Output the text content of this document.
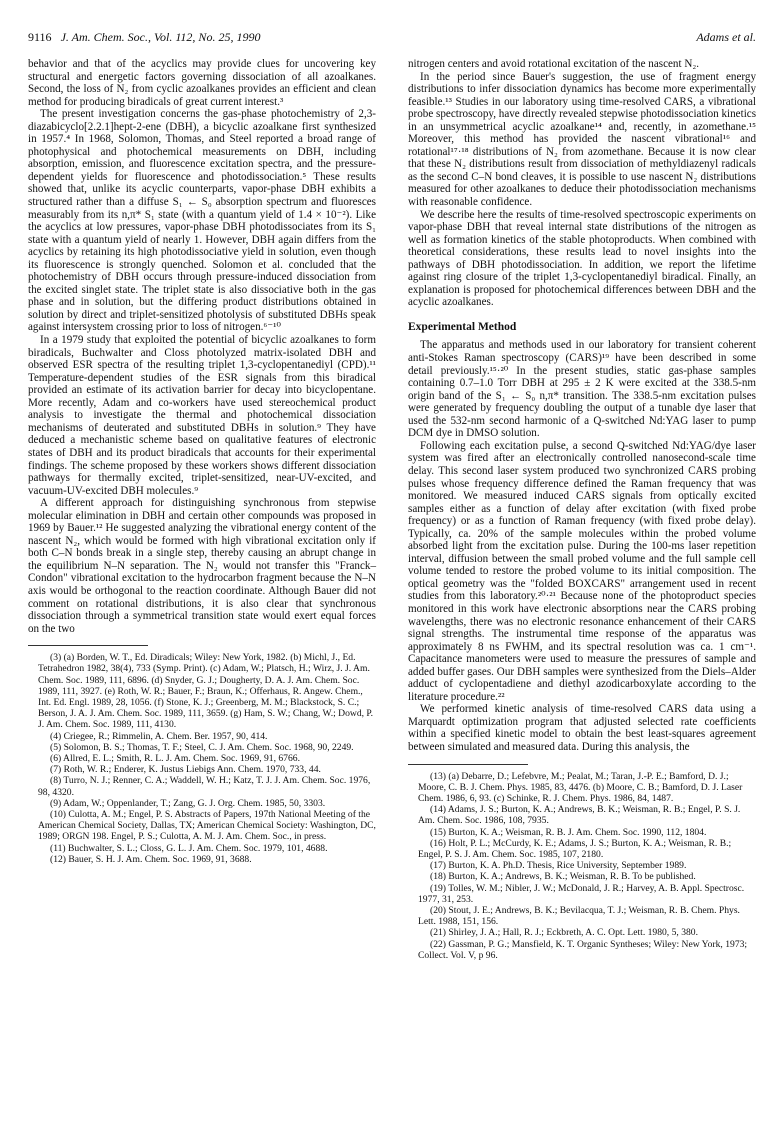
9116 J. Am. Chem. Soc., Vol. 112, No. 25, 1990	Adams et al.

behavior and that of the acyclics may provide clues for uncovering key structural and energetic factors governing dissociation of all azoalkanes. Second, the loss of N₂ from cyclic azoalkanes provides an efficient and clean method for producing biradicals of great current interest.³

The present investigation concerns the gas-phase photochemistry of 2,3-diazabicyclo[2.2.1]hept-2-ene (DBH), a bicyclic azoalkane first synthesized in 1957.⁴ In 1968, Solomon, Thomas, and Steel reported a broad range of photophysical and photochemical measurements on DBH, including absorption, emission, and fluorescence excitation spectra, and the pressure-dependent yields for fluorescence and photodissociation.⁵ These results showed that, unlike its acyclic counterparts, vapor-phase DBH exhibits a structured rather than a diffuse S₁ ← S₀ absorption spectrum and fluoresces measurably from its n,π* S₁ state (with a quantum yield of 1.4 × 10⁻²). Like the acyclics at low pressures, vapor-phase DBH photodissociates from its S₁ state with a quantum yield of nearly 1. However, DBH again differs from the acyclics by retaining its high photodissociative yield in solution, even though its fluorescence is strongly quenched. Solomon et al. concluded that the photochemistry of DBH occurs through pressure-induced dissociation from the excited singlet state. The triplet state is also dissociative both in the gas phase and in solution, but the differing product distributions obtained in solution by direct and triplet-sensitized photolysis of substituted DBHs speak against intersystem crossing prior to loss of nitrogen.⁶⁻¹⁰

In a 1979 study that exploited the potential of bicyclic azoalkanes to form biradicals, Buchwalter and Closs photolyzed matrix-isolated DBH and observed ESR spectra of the resulting triplet 1,3-cyclopentanediyl (CPD).¹¹ Temperature-dependent studies of the ESR signals from this biradical provided an estimate of its activation barrier for decay into bicyclopentane. More recently, Adam and co-workers have used stereochemical product analysis to investigate the thermal and photochemical dissociation mechanisms of deuterated and substituted DBHs in solution.⁹ They have deduced a mechanistic scheme based on qualitative features of electronic states of DBH and its product biradicals that accounts for their experimental findings. The scheme proposed by these workers shows different dissociation pathways for thermally excited, triplet-sensitized, near-UV-excited, and vacuum-UV-excited DBH molecules.⁹

A different approach for distinguishing synchronous from stepwise molecular elimination in DBH and certain other compounds was proposed in 1969 by Bauer.¹² He suggested analyzing the vibrational energy content of the nascent N₂, which would be formed with high vibrational excitation only if both C–N bonds break in a single step, thereby causing an abrupt change in the equilibrium N–N separation. The N₂ would not transfer this "Franck–Condon" vibrational excitation to the hydrocarbon fragment because the N–N axis would be orthogonal to the reaction coordinate. Although Bauer did not comment on rotational distributions, it is also clear that synchronous dissociation through a symmetrical transition state would exert equal forces on the two

(3) (a) Borden, W. T., Ed. Diradicals; Wiley: New York, 1982. (b) Michl, J., Ed. Tetrahedron 1982, 38(4), 733 (Symp. Print). (c) Adam, W.; Platsch, H.; Wirz, J. J. Am. Chem. Soc. 1989, 111, 6896. (d) Snyder, G. J.; Dougherty, D. A. J. Am. Chem. Soc. 1989, 111, 3927. (e) Roth, W. R.; Bauer, F.; Braun, K.; Offerhaus, R. Angew. Chem., Int. Ed. Engl. 1989, 28, 1056. (f) Stone, K. J.; Greenberg, M. M.; Blackstock, S. C.; Berson, J. A. J. Am. Chem. Soc. 1989, 111, 3659. (g) Ham, S. W.; Chang, W.; Dowd, P. J. Am. Chem. Soc. 1989, 111, 4130.

(4) Criegee, R.; Rimmelin, A. Chem. Ber. 1957, 90, 414.

(5) Solomon, B. S.; Thomas, T. F.; Steel, C. J. Am. Chem. Soc. 1968, 90, 2249.

(6) Allred, E. L.; Smith, R. L. J. Am. Chem. Soc. 1969, 91, 6766.

(7) Roth, W. R.; Enderer, K. Justus Liebigs Ann. Chem. 1970, 733, 44.

(8) Turro, N. J.; Renner, C. A.; Waddell, W. H.; Katz, T. J. J. Am. Chem. Soc. 1976, 98, 4320.

(9) Adam, W.; Oppenlander, T.; Zang, G. J. Org. Chem. 1985, 50, 3303.

(10) Culotta, A. M.; Engel, P. S. Abstracts of Papers, 197th National Meeting of the American Chemical Society, Dallas, TX; American Chemical Society: Washington, DC, 1989; ORGN 198. Engel, P. S.; Culotta, A. M. J. Am. Chem. Soc., in press.

(11) Buchwalter, S. L.; Closs, G. L. J. Am. Chem. Soc. 1979, 101, 4688.

(12) Bauer, S. H. J. Am. Chem. Soc. 1969, 91, 3688.

nitrogen centers and avoid rotational excitation of the nascent N₂.

In the period since Bauer's suggestion, the use of fragment energy distributions to infer dissociation dynamics has become more experimentally feasible.¹³ Studies in our laboratory using time-resolved CARS, a vibrational probe spectroscopy, have directly revealed stepwise photodissociation kinetics in an unsymmetrical acyclic azoalkane¹⁴ and, recently, in azomethane.¹⁵ Moreover, this method has provided the nascent vibrational¹⁶ and rotational¹⁷·¹⁸ distributions of N₂ from azomethane. Because it is now clear that these N₂ distributions result from dissociation of methyldiazenyl radicals as the second C–N bond cleaves, it is possible to use nascent N₂ distributions measured for other azoalkanes to deduce their photodissociation mechanisms with reasonable confidence.

We describe here the results of time-resolved spectroscopic experiments on vapor-phase DBH that reveal internal state distributions of the nitrogen as well as formation kinetics of the stable photoproducts. When combined with theoretical considerations, these results lead to novel insights into the pathways of DBH photodissociation. In addition, we report the lifetime against ring closure of the triplet 1,3-cyclopentanediyl biradical. Finally, an explanation is proposed for photochemical differences between DBH and the acyclic azoalkanes.

Experimental Method

The apparatus and methods used in our laboratory for transient coherent anti-Stokes Raman spectroscopy (CARS)¹⁹ have been described in some detail previously.¹⁵·²⁰ In the present studies, static gas-phase samples containing 0.7–1.0 Torr DBH at 295 ± 2 K were excited at the 338.5-nm origin band of the S₁ ← S₀ n,π* transition. The 338.5-nm excitation pulses were generated by frequency doubling the output of a tunable dye laser that used the 532-nm second harmonic of a Q-switched Nd:YAG laser to pump DCM dye in DMSO solution.

Following each excitation pulse, a second Q-switched Nd:YAG/dye laser system was fired after an electronically controlled nanosecond-scale time delay. This second laser system produced two synchronized CARS probing pulses whose frequency difference defined the Raman frequency that was monitored. We measured induced CARS signals from optically excited samples either as a function of delay after excitation (with fixed probe frequency) or as a function of Raman frequency (with fixed probe delay). Typically, ca. 20% of the sample molecules within the probed volume absorbed light from the excitation pulse. During the 100-ms laser repetition interval, diffusion between the small probed volume and the full sample cell volume tended to restore the probed volume to its initial composition. The optical geometry was the "folded BOXCARS" arrangement used in recent studies from this laboratory.²⁰·²¹ Because none of the photoproduct species monitored in this work have electronic absorptions near the CARS probing wavelengths, there was no electronic resonance enhancement of their CARS signal strengths. The instrumental time response of the apparatus was approximately 8 ns FWHM, and its spectral resolution was ca. 1 cm⁻¹. Capacitance manometers were used to measure the pressures of sample and added buffer gases. Our DBH samples were synthesized from the Diels–Alder adduct of cyclopentadiene and diethyl azodicarboxylate according to the literature procedure.²²

We performed kinetic analysis of time-resolved CARS data using a Marquardt optimization program that adjusted selected rate coefficients within a specified kinetic model to obtain the best least-squares agreement between simulated and measured data. During this analysis, the

(13) (a) Debarre, D.; Lefebvre, M.; Pealat, M.; Taran, J.-P. E.; Bamford, D. J.; Moore, C. B. J. Chem. Phys. 1985, 83, 4476. (b) Moore, C. B.; Bamford, D. J. Laser Chem. 1986, 6, 93. (c) Schinke, R. J. Chem. Phys. 1986, 84, 1487.

(14) Adams, J. S.; Burton, K. A.; Andrews, B. K.; Weisman, R. B.; Engel, P. S. J. Am. Chem. Soc. 1986, 108, 7935.

(15) Burton, K. A.; Weisman, R. B. J. Am. Chem. Soc. 1990, 112, 1804.

(16) Holt, P. L.; McCurdy, K. E.; Adams, J. S.; Burton, K. A.; Weisman, R. B.; Engel, P. S. J. Am. Chem. Soc. 1985, 107, 2180.

(17) Burton, K. A. Ph.D. Thesis, Rice University, September 1989.

(18) Burton, K. A.; Andrews, B. K.; Weisman, R. B. To be published.

(19) Tolles, W. M.; Nibler, J. W.; McDonald, J. R.; Harvey, A. B. Appl. Spectrosc. 1977, 31, 253.

(20) Stout, J. E.; Andrews, B. K.; Bevilacqua, T. J.; Weisman, R. B. Chem. Phys. Lett. 1988, 151, 156.

(21) Shirley, J. A.; Hall, R. J.; Eckbreth, A. C. Opt. Lett. 1980, 5, 380.

(22) Gassman, P. G.; Mansfield, K. T. Organic Syntheses; Wiley: New York, 1973; Collect. Vol. V, p 96.
